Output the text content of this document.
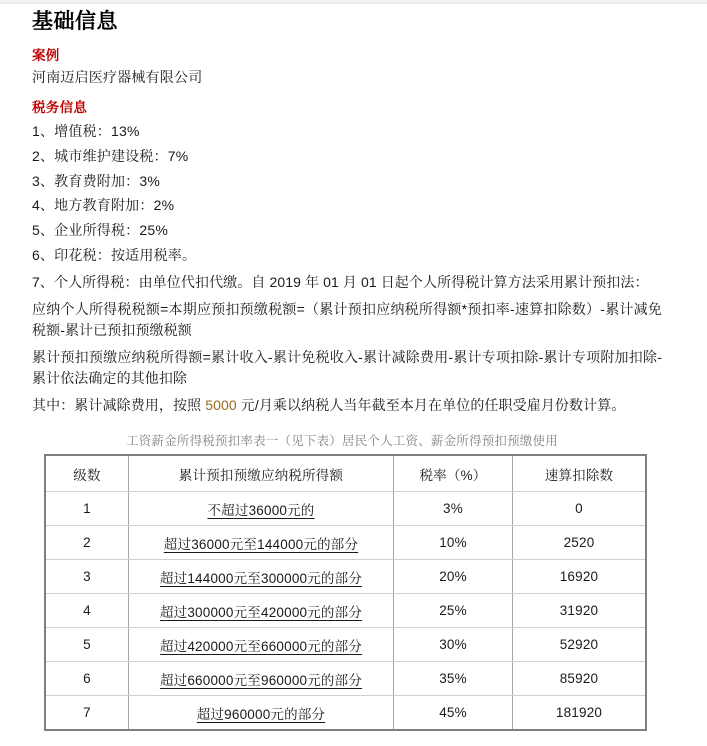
基础信息
案例

河南迈启医疗器械有限公司

税务信息
1、增值税：13%
2、城市维护建设税：7%
3、教育费附加：3%
4、地方教育附加：2%
5、企业所得税：25%
6、印花税：按适用税率。

7、个人所得税：由单位代扣代缴。自 2019 年 01 月 01 日起个人所得税计算方法采用累计预扣法：

应纳个人所得税税额=本期应预扣预缴税额=（累计预扣应纳税所得额*预扣率-速算扣除数）-累计减免税额-累计已预扣预缴税额

累计预扣预缴应纳税所得额=累计收入-累计免税收入-累计减除费用-累计专项扣除-累计专项附加扣除-累计依法确定的其他扣除

其中：累计减除费用，按照 5000 元/月乘以纳税人当年截至本月在单位的任职受雇月份数计算。

工资薪金所得税预扣率表一（见下表）居民个人工资、薪金所得预扣预缴使用
级数	累计预扣预缴应纳税所得额	税率（%）	速算扣除数
1	不超过36000元的	3%	0
2	超过36000元至144000元的部分	10%	2520
3	超过144000元至300000元的部分	20%	16920
4	超过300000元至420000元的部分	25%	31920
5	超过420000元至660000元的部分	30%	52920
6	超过660000元至960000元的部分	35%	85920
7	超过960000元的部分	45%	181920
